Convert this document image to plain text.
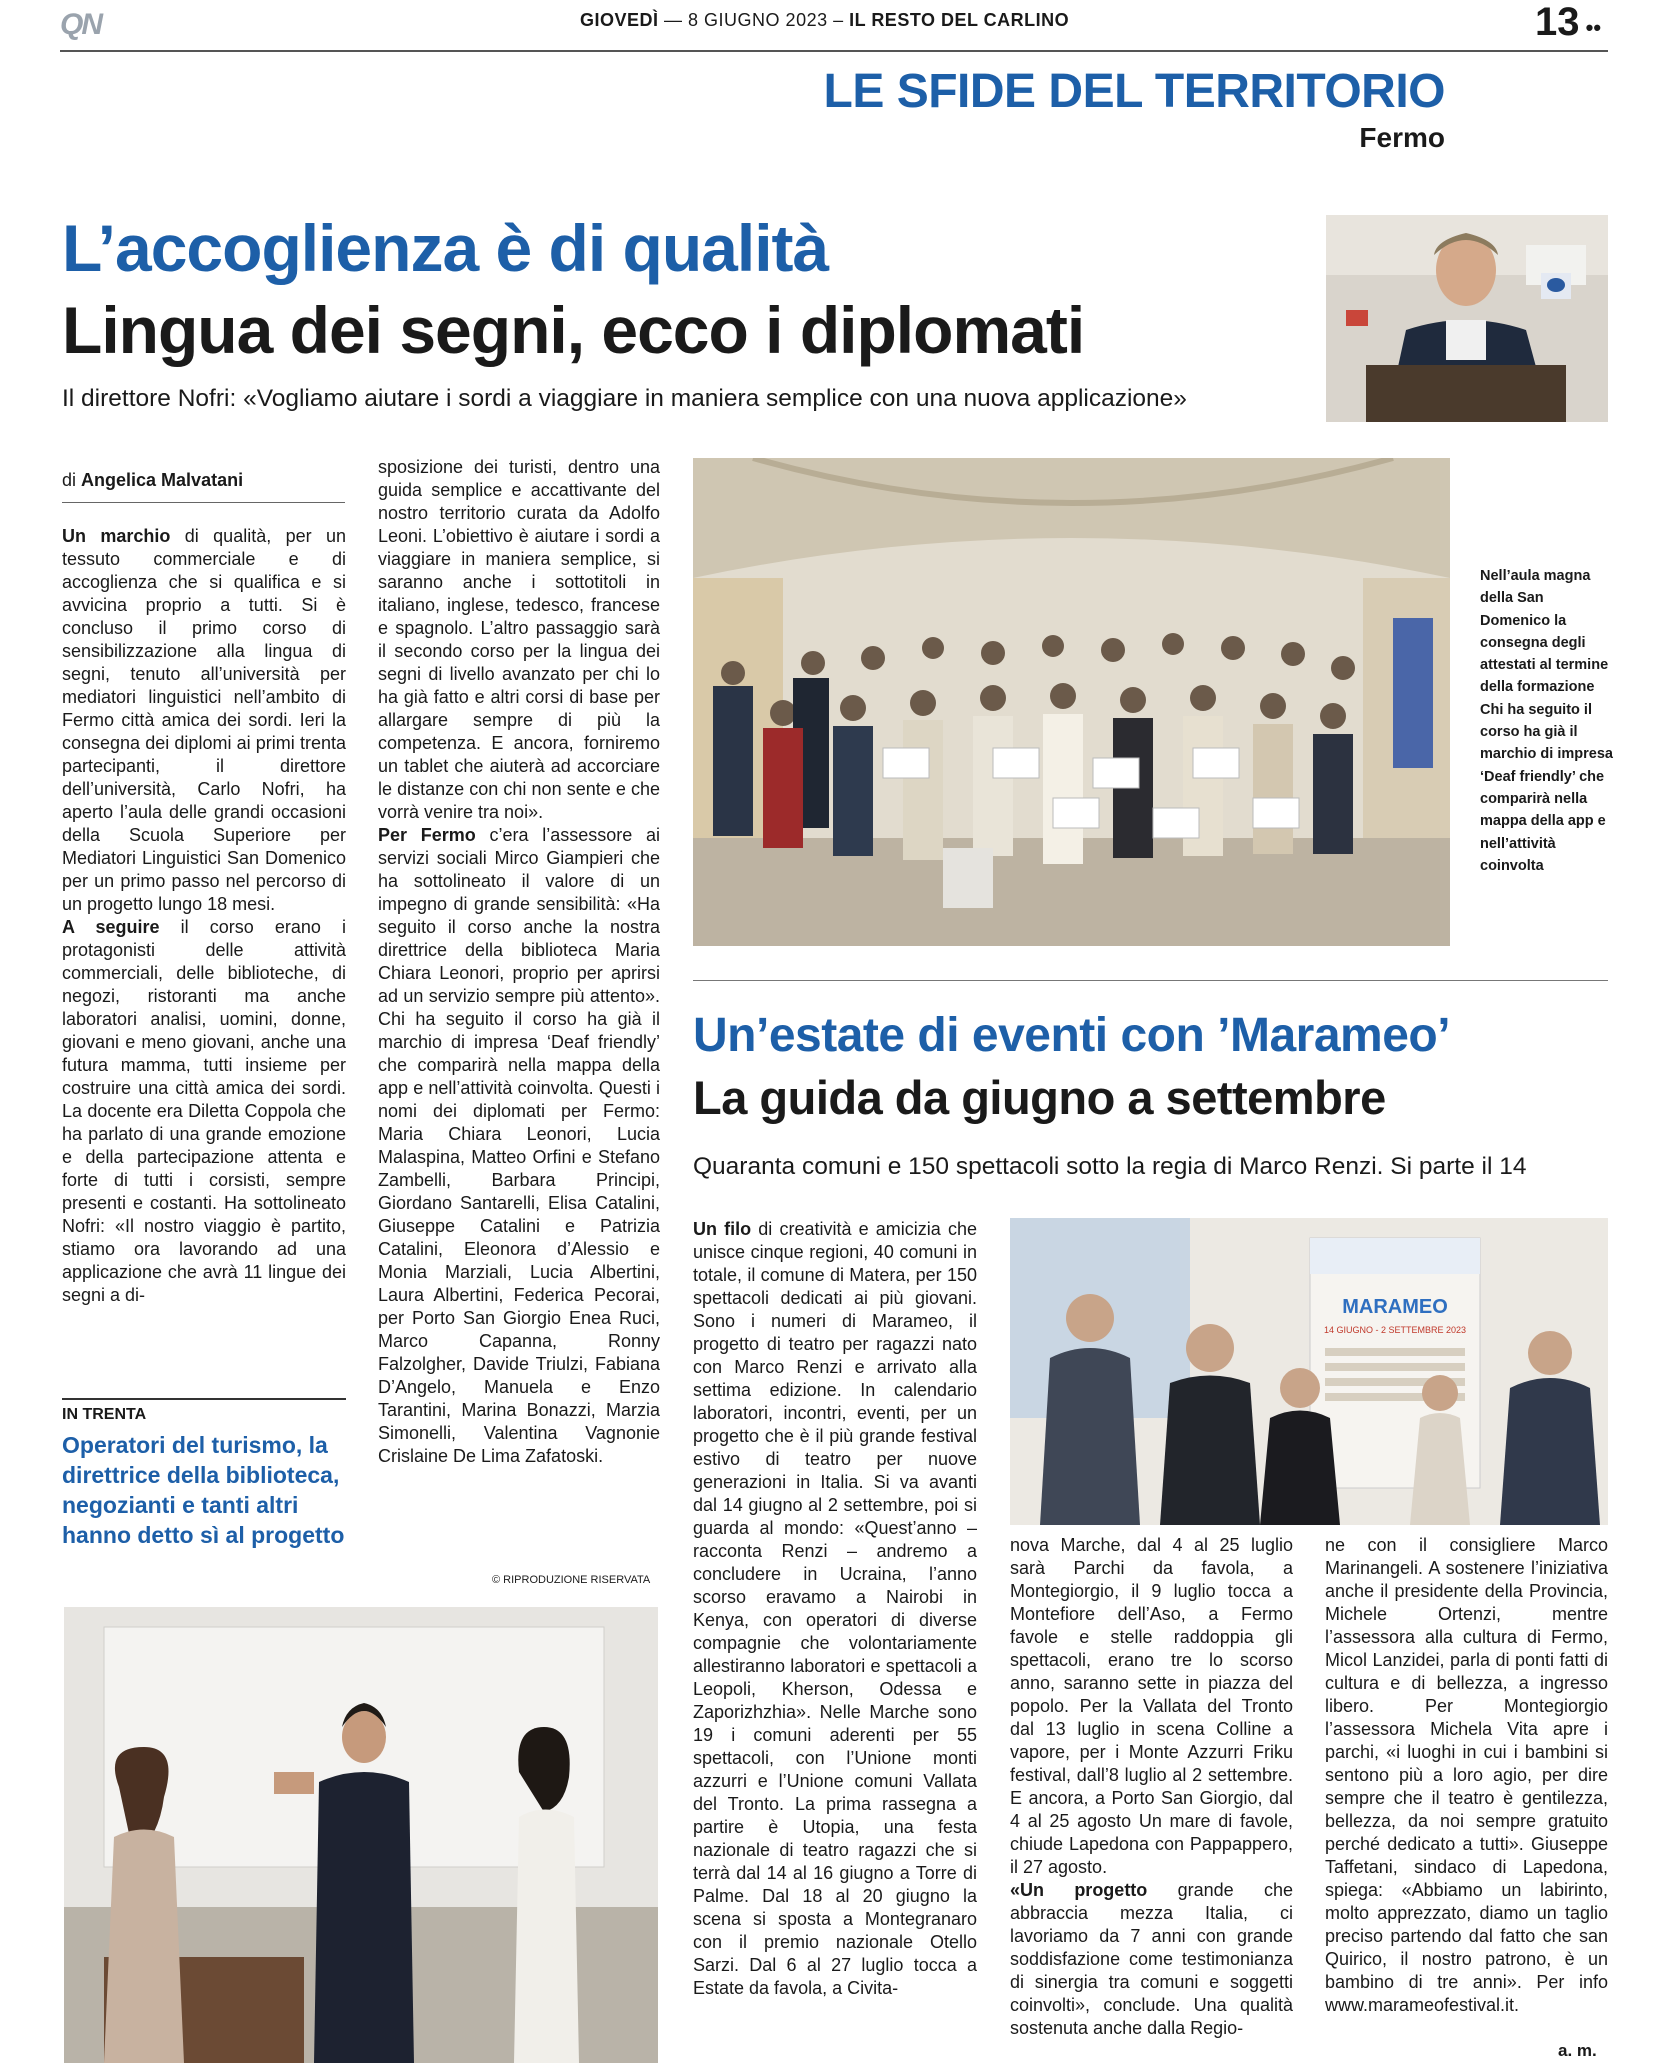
QN	GIOVEDÌ — 8 GIUGNO 2023 – IL RESTO DEL CARLINO	13 ••
LE SFIDE DEL TERRITORIO
Fermo
L’accoglienza è di qualità
Lingua dei segni, ecco i diplomati
Il direttore Nofri: «Vogliamo aiutare i sordi a viaggiare in maniera semplice con una nuova applicazione»
di Angelica Malvatani

Un marchio di qualità, per un tessuto commerciale e di accoglienza che si qualifica e si avvicina proprio a tutti. Si è concluso il primo corso di sensibilizzazione alla lingua di segni, tenuto all’università per mediatori linguistici nell’ambito di Fermo città amica dei sordi. Ieri la consegna dei diplomi ai primi trenta partecipanti, il direttore dell’università, Carlo Nofri, ha aperto l’aula delle grandi occasioni della Scuola Superiore per Mediatori Linguistici San Domenico per un primo passo nel percorso di un progetto lungo 18 mesi.

A seguire il corso erano i protagonisti delle attività commerciali, delle biblioteche, di negozi, ristoranti ma anche laboratori analisi, uomini, donne, giovani e meno giovani, anche una futura mamma, tutti insieme per costruire una città amica dei sordi. La docente era Diletta Coppola che ha parlato di una grande emozione e della partecipazione attenta e forte di tutti i corsisti, sempre presenti e costanti. Ha sottolineato Nofri: «Il nostro viaggio è partito, stiamo ora lavorando ad una applicazione che avrà 11 lingue dei segni a di-

IN TRENTA
Operatori del turismo, la direttrice della biblioteca, negozianti e tanti altri hanno detto sì al progetto

sposizione dei turisti, dentro una guida semplice e accattivante del nostro territorio curata da Adolfo Leoni. L’obiettivo è aiutare i sordi a viaggiare in maniera semplice, si saranno anche i sottotitoli in italiano, inglese, tedesco, francese e spagnolo. L’altro passaggio sarà il secondo corso per la lingua dei segni di livello avanzato per chi lo ha già fatto e altri corsi di base per allargare sempre di più la competenza. E ancora, forniremo un tablet che aiuterà ad accorciare le distanze con chi non sente e che vorrà venire tra noi».

Per Fermo c’era l’assessore ai servizi sociali Mirco Giampieri che ha sottolineato il valore di un impegno di grande sensibilità: «Ha seguito il corso anche la nostra direttrice della biblioteca Maria Chiara Leonori, proprio per aprirsi ad un servizio sempre più attento». Chi ha seguito il corso ha già il marchio di impresa ‘Deaf friendly’ che comparirà nella mappa della app e nell’attività coinvolta. Questi i nomi dei diplomati per Fermo: Maria Chiara Leonori, Lucia Malaspina, Matteo Orfini e Stefano Zambelli, Barbara Principi, Giordano Santarelli, Elisa Catalini, Giuseppe Catalini e Patrizia Catalini, Eleonora d’Alessio e Monia Marziali, Lucia Albertini, Laura Albertini, Federica Pecorai, per Porto San Giorgio Enea Ruci, Marco Capanna, Ronny Falzolgher, Davide Triulzi, Fabiana D’Angelo, Manuela e Enzo Tarantini, Marina Bonazzi, Marzia Simonelli, Valentina Vagnonie Crislaine De Lima Zafatoski.

© RIPRODUZIONE RISERVATA
Nell’aula magna della San Domenico la consegna degli attestati al termine della formazione Chi ha seguito il corso ha già il marchio di impresa ‘Deaf friendly’ che comparirà nella mappa della app e nell’attività coinvolta
Un’estate di eventi con ’Marameo’
La guida da giugno a settembre
Quaranta comuni e 150 spettacoli sotto la regia di Marco Renzi. Si parte il 14

Un filo di creatività e amicizia che unisce cinque regioni, 40 comuni in totale, il comune di Matera, per 150 spettacoli dedicati ai più giovani. Sono i numeri di Marameo, il progetto di teatro per ragazzi nato con Marco Renzi e arrivato alla settima edizione. In calendario laboratori, incontri, eventi, per un progetto che è il più grande festival estivo di teatro per nuove generazioni in Italia. Si va avanti dal 14 giugno al 2 settembre, poi si guarda al mondo: «Quest’anno – racconta Renzi – andremo a concludere in Ucraina, l’anno scorso eravamo a Nairobi in Kenya, con operatori di diverse compagnie che volontariamente allestiranno laboratori e spettacoli a Leopoli, Kherson, Odessa e Zaporizhzhia». Nelle Marche sono 19 i comuni aderenti per 55 spettacoli, con l’Unione monti azzurri e l’Unione comuni Vallata del Tronto. La prima rassegna a partire è Utopia, una festa nazionale di teatro ragazzi che si terrà dal 14 al 16 giugno a Torre di Palme. Dal 18 al 20 giugno la scena si sposta a Montegranaro con il premio nazionale Otello Sarzi. Dal 6 al 27 luglio tocca a Estate da favola, a Civita-

MARAMEO
14 GIUGNO - 2 SETTEMBRE 2023

nova Marche, dal 4 al 25 luglio sarà Parchi da favola, a Montegiorgio, il 9 luglio tocca a Montefiore dell’Aso, a Fermo favole e stelle raddoppia gli spettacoli, erano tre lo scorso anno, saranno sette in piazza del popolo. Per la Vallata del Tronto dal 13 luglio in scena Colline a vapore, per i Monte Azzurri Friku festival, dall’8 luglio al 2 settembre. E ancora, a Porto San Giorgio, dal 4 al 25 agosto Un mare di favole, chiude Lapedona con Pappappero, il 27 agosto.

«Un progetto grande che abbraccia mezza Italia, ci lavoriamo da 7 anni con grande soddisfazione come testimonianza di sinergia tra comuni e soggetti coinvolti», conclude. Una qualità sostenuta anche dalla Regio-

ne con il consigliere Marco Marinangeli. A sostenere l’iniziativa anche il presidente della Provincia, Michele Ortenzi, mentre l’assessora alla cultura di Fermo, Micol Lanzidei, parla di ponti fatti di cultura e di bellezza, a ingresso libero. Per Montegiorgio l’assessora Michela Vita apre i parchi, «i luoghi in cui i bambini si sentono più a loro agio, per dire sempre che il teatro è gentilezza, bellezza, da noi sempre gratuito perché dedicato a tutti». Giuseppe Taffetani, sindaco di Lapedona, spiega: «Abbiamo un labirinto, molto apprezzato, diamo un taglio preciso partendo dal fatto che san Quirico, il nostro patrono, è un bambino di tre anni». Per info www.marameofestival.it.

a. m.
